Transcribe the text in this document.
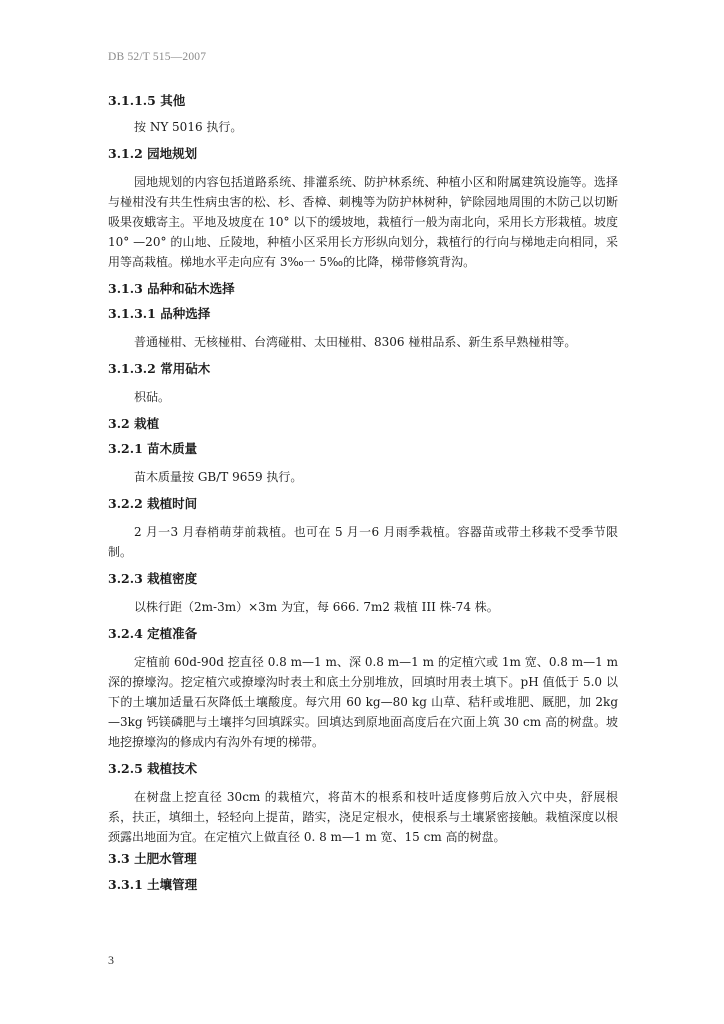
DB 52/T 515—2007
3.1.1.5 其他

按 NY 5016 执行。

3.1.2 园地规划

园地规划的内容包括道路系统、排灌系统、防护林系统、种植小区和附属建筑设施等。选择与椪柑没有共生性病虫害的松、杉、香樟、刺槐等为防护林树种，铲除园地周围的木防己以切断吸果夜蛾寄主。平地及坡度在 10° 以下的缓坡地，栽植行一般为南北向，采用长方形栽植。坡度 10° —20° 的山地、丘陵地，种植小区采用长方形纵向划分，栽植行的行向与梯地走向相同，采用等高栽植。梯地水平走向应有 3‰一 5‰的比降，梯带修筑背沟。

3.1.3 品种和砧木选择
3.1.3.1 品种选择

普通椪柑、无核椪柑、台湾碰柑、太田椪柑、8306 椪柑品系、新生系早熟椪柑等。

3.1.3.2 常用砧木

枳砧。

3.2 栽植
3.2.1 苗木质量

苗木质量按 GB/T 9659 执行。

3.2.2 栽植时间

2 月一3 月春梢萌芽前栽植。也可在 5 月一6 月雨季栽植。容器苗或带土移栽不受季节限制。

3.2.3 栽植密度

以株行距（2m-3m）×3m 为宜，每 666. 7m2 栽植 III 株-74 株。

3.2.4 定植准备

定植前 60d-90d 挖直径 0.8 m—1 m、深 0.8 m—1 m 的定植穴或 1m 宽、0.8 m—1 m 深的撩壕沟。挖定植穴或撩壕沟时表土和底土分别堆放，回填时用表土填下。pH 值低于 5.0 以下的土壤加适量石灰降低土壤酸度。每穴用 60 kg—80 kg 山草、秸秆或堆肥、厩肥，加 2kg—3kg 钙镁磷肥与土壤拌匀回填踩实。回填达到原地面高度后在穴面上筑 30 cm 高的树盘。坡地挖撩壕沟的修成内有沟外有埂的梯带。

3.2.5 栽植技术

在树盘上挖直径 30cm 的栽植穴，将苗木的根系和枝叶适度修剪后放入穴中央，舒展根系，扶正，填细土，轻轻向上提苗，踏实，浇足定根水，使根系与土壤紧密接触。栽植深度以根颈露出地面为宜。在定植穴上做直径 0. 8 m—1 m 宽、15 cm 高的树盘。

3.3 土肥水管理
3.3.1 土壤管理
3
